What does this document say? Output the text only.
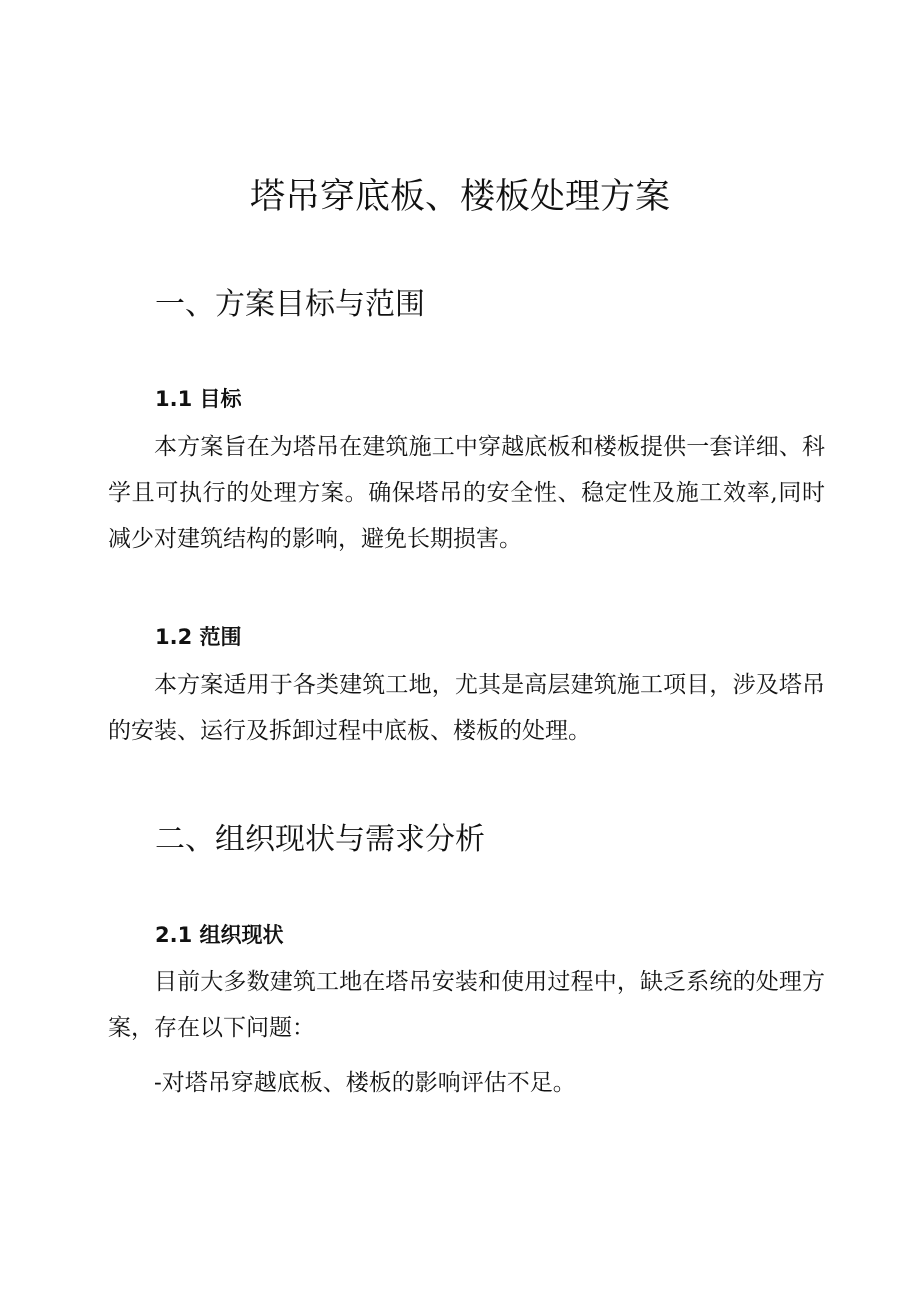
塔吊穿底板、楼板处理方案
一、方案目标与范围
1.1 目标

本方案旨在为塔吊在建筑施工中穿越底板和楼板提供一套详细、科学且可执行的处理方案。确保塔吊的安全性、稳定性及施工效率,同时减少对建筑结构的影响，避免长期损害。

1.2 范围

本方案适用于各类建筑工地，尤其是高层建筑施工项目，涉及塔吊的安装、运行及拆卸过程中底板、楼板的处理。

二、组织现状与需求分析
2.1 组织现状

目前大多数建筑工地在塔吊安装和使用过程中，缺乏系统的处理方案，存在以下问题：

-对塔吊穿越底板、楼板的影响评估不足。
